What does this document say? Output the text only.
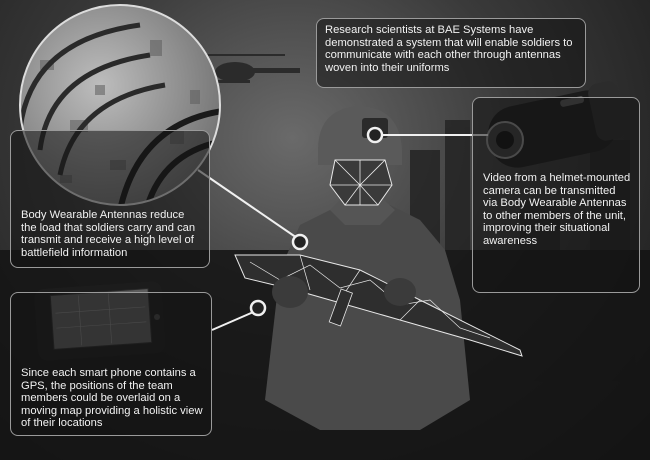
Research scientists at BAE Systems have demonstrated a system that will enable soldiers to communicate with each other through antennas woven into their uniforms
Body Wearable Antennas reduce the load that soldiers carry and can transmit and receive a high level of battlefield information
Video from a helmet-mounted camera can be transmitted via Body Wearable Antennas to other members of the unit, improving their situational awareness
Since each smart phone contains a GPS, the positions of the team members could be overlaid on a moving map providing a holistic view of their locations
